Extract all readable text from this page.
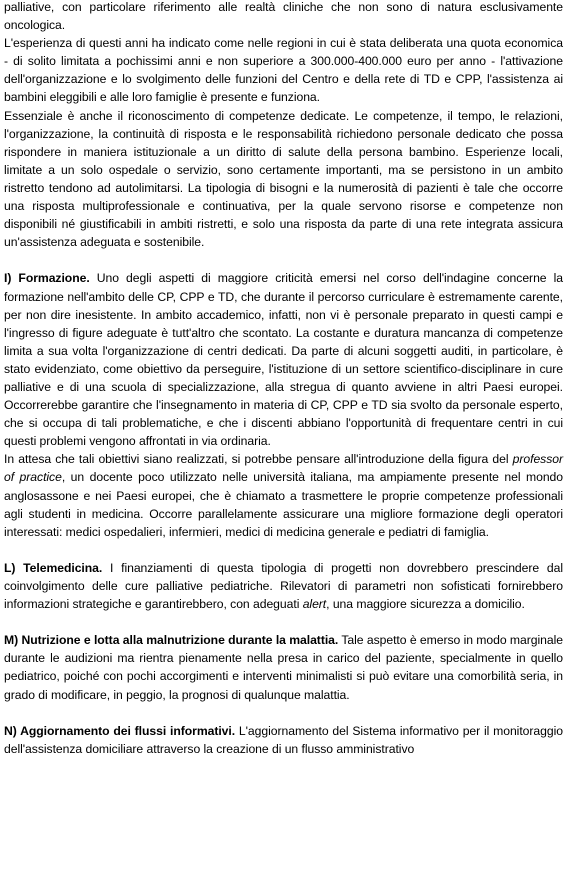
palliative, con particolare riferimento alle realtà cliniche che non sono di natura esclusivamente oncologica.

L'esperienza di questi anni ha indicato come nelle regioni in cui è stata deliberata una quota economica - di solito limitata a pochissimi anni e non superiore a 300.000-400.000 euro per anno - l'attivazione dell'organizzazione e lo svolgimento delle funzioni del Centro e della rete di TD e CPP, l'assistenza ai bambini eleggibili e alle loro famiglie è presente e funziona.

Essenziale è anche il riconoscimento di competenze dedicate. Le competenze, il tempo, le relazioni, l'organizzazione, la continuità di risposta e le responsabilità richiedono personale dedicato che possa rispondere in maniera istituzionale a un diritto di salute della persona bambino. Esperienze locali, limitate a un solo ospedale o servizio, sono certamente importanti, ma se persistono in un ambito ristretto tendono ad autolimitarsi. La tipologia di bisogni e la numerosità di pazienti è tale che occorre una risposta multiprofessionale e continuativa, per la quale servono risorse e competenze non disponibili né giustificabili in ambiti ristretti, e solo una risposta da parte di una rete integrata assicura un'assistenza adeguata e sostenibile.

I) Formazione. Uno degli aspetti di maggiore criticità emersi nel corso dell'indagine concerne la formazione nell'ambito delle CP, CPP e TD, che durante il percorso curriculare è estremamente carente, per non dire inesistente. In ambito accademico, infatti, non vi è personale preparato in questi campi e l'ingresso di figure adeguate è tutt'altro che scontato. La costante e duratura mancanza di competenze limita a sua volta l'organizzazione di centri dedicati. Da parte di alcuni soggetti auditi, in particolare, è stato evidenziato, come obiettivo da perseguire, l'istituzione di un settore scientifico-disciplinare in cure palliative e di una scuola di specializzazione, alla stregua di quanto avviene in altri Paesi europei. Occorrerebbe garantire che l'insegnamento in materia di CP, CPP e TD sia svolto da personale esperto, che si occupa di tali problematiche, e che i discenti abbiano l'opportunità di frequentare centri in cui questi problemi vengono affrontati in via ordinaria.

In attesa che tali obiettivi siano realizzati, si potrebbe pensare all'introduzione della figura del professor of practice, un docente poco utilizzato nelle università italiana, ma ampiamente presente nel mondo anglosassone e nei Paesi europei, che è chiamato a trasmettere le proprie competenze professionali agli studenti in medicina. Occorre parallelamente assicurare una migliore formazione degli operatori interessati: medici ospedalieri, infermieri, medici di medicina generale e pediatri di famiglia.

L) Telemedicina. I finanziamenti di questa tipologia di progetti non dovrebbero prescindere dal coinvolgimento delle cure palliative pediatriche. Rilevatori di parametri non sofisticati fornirebbero informazioni strategiche e garantirebbero, con adeguati alert, una maggiore sicurezza a domicilio.

M) Nutrizione e lotta alla malnutrizione durante la malattia. Tale aspetto è emerso in modo marginale durante le audizioni ma rientra pienamente nella presa in carico del paziente, specialmente in quello pediatrico, poiché con pochi accorgimenti e interventi minimalisti si può evitare una comorbilità seria, in grado di modificare, in peggio, la prognosi di qualunque malattia.

N) Aggiornamento dei flussi informativi. L'aggiornamento del Sistema informativo per il monitoraggio dell'assistenza domiciliare attraverso la creazione di un flusso amministrativo
